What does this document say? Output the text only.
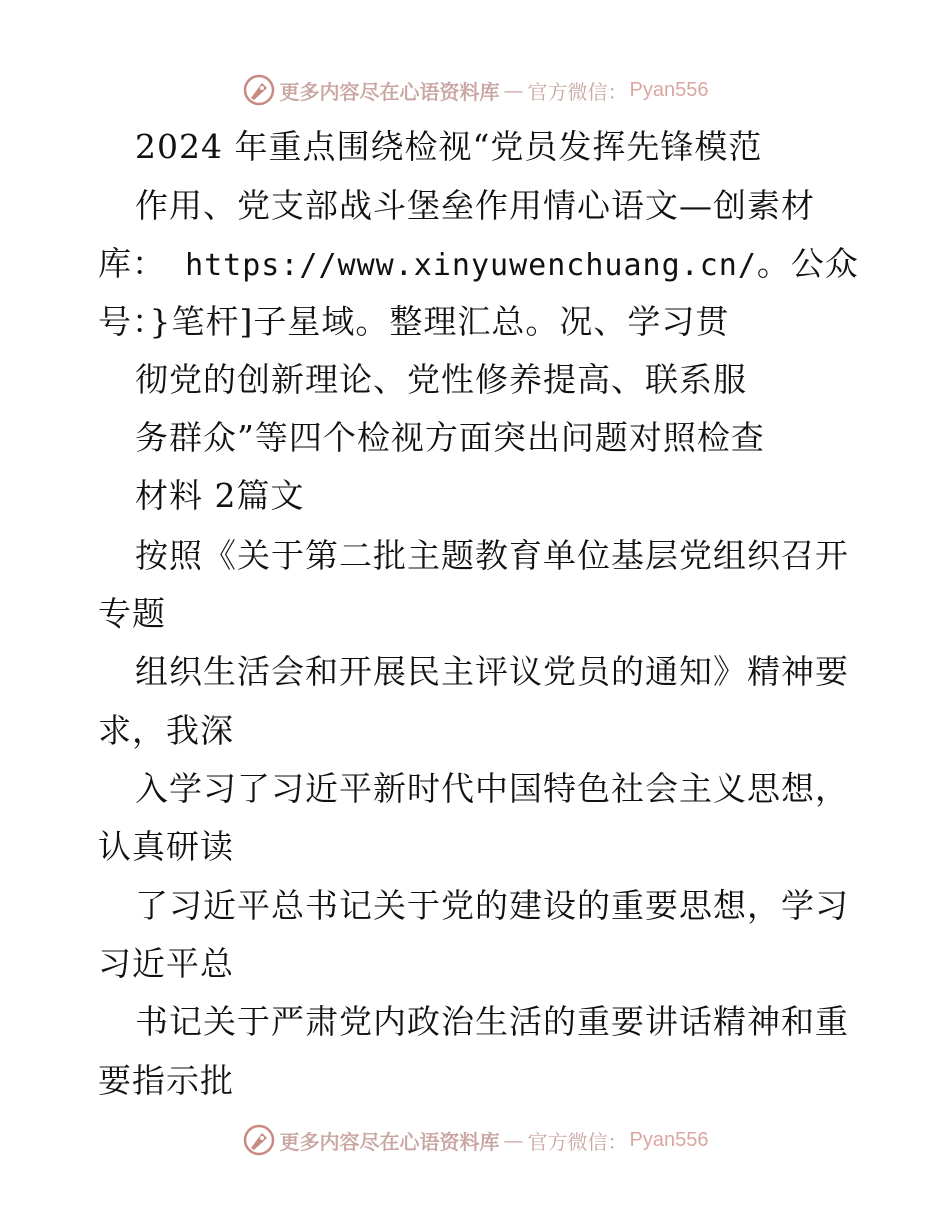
更多内容尽在心语资料库 — 官方微信： Pyan556
2024 年重点围绕检视“党员发挥先锋模范
作用、党支部战斗堡垒作用情心语文—创素材
库： https://www.xinyuwenchuang.cn/。公众
号：}笔杆]子星域。整理汇总。况、学习贯
彻党的创新理论、党性修养提高、联系服
务群众”等四个检视方面突出问题对照检查
材料 2篇文
按照《关于第二批主题教育单位基层党组织召开
专题
组织生活会和开展民主评议党员的通知》精神要
求，我深
入学习了习近平新时代中国特色社会主义思想，
认真研读
了习近平总书记关于党的建设的重要思想，学习
习近平总
书记关于严肃党内政治生活的重要讲话精神和重
要指示批
更多内容尽在心语资料库 — 官方微信： Pyan556
